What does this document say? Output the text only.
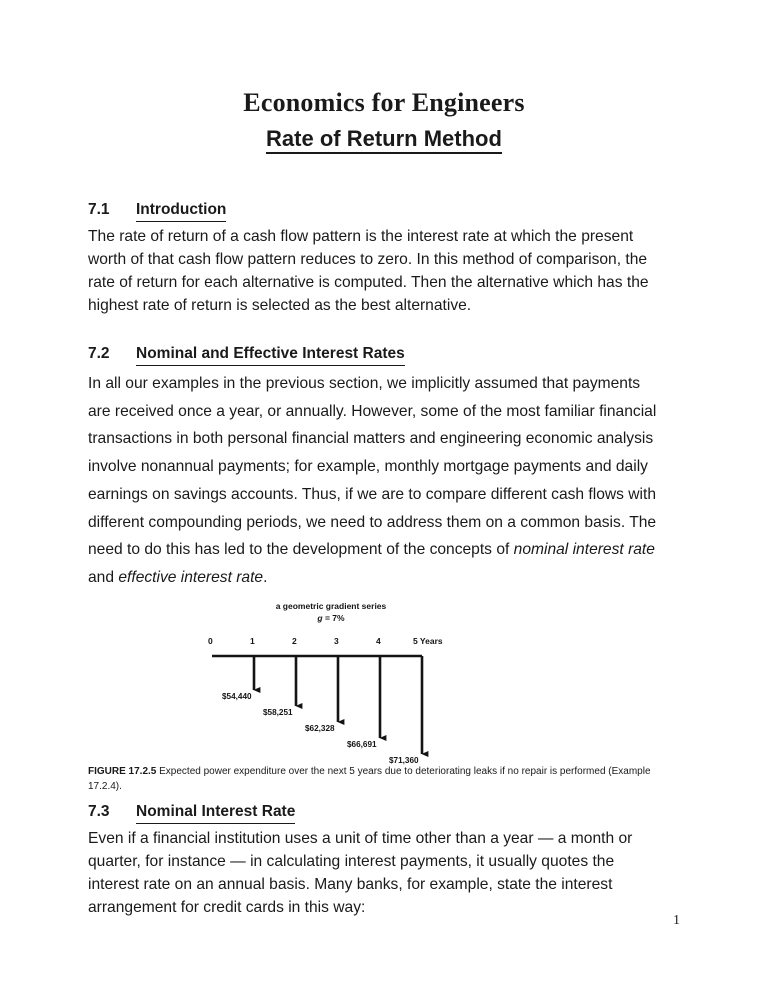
Economics for Engineers
Rate of Return Method
7.1	Introduction

The rate of return of a cash flow pattern is the interest rate at which the present worth of that cash flow pattern reduces to zero. In this method of comparison, the rate of return for each alternative is computed. Then the alternative which has the highest rate of return is selected as the best alternative.

7.2	Nominal and Effective Interest Rates

In all our examples in the previous section, we implicitly assumed that payments are received once a year, or annually. However, some of the most familiar financial transactions in both personal financial matters and engineering economic analysis involve nonannual payments; for example, monthly mortgage payments and daily earnings on savings accounts. Thus, if we are to compare different cash flows with different compounding periods, we need to address them on a common basis. The need to do this has led to the development of the concepts of nominal interest rate and effective interest rate.

a geometric gradient series
g = 7%
0	1	2	3	4	5 Years
$54,440
$58,251
$62,328
$66,691
$71,360

FIGURE 17.2.5 Expected power expenditure over the next 5 years due to deteriorating leaks if no repair is performed (Example 17.2.4).

7.3	Nominal Interest Rate

Even if a financial institution uses a unit of time other than a year — a month or quarter, for instance — in calculating interest payments, it usually quotes the interest rate on an annual basis. Many banks, for example, state the interest arrangement for credit cards in this way:

1
